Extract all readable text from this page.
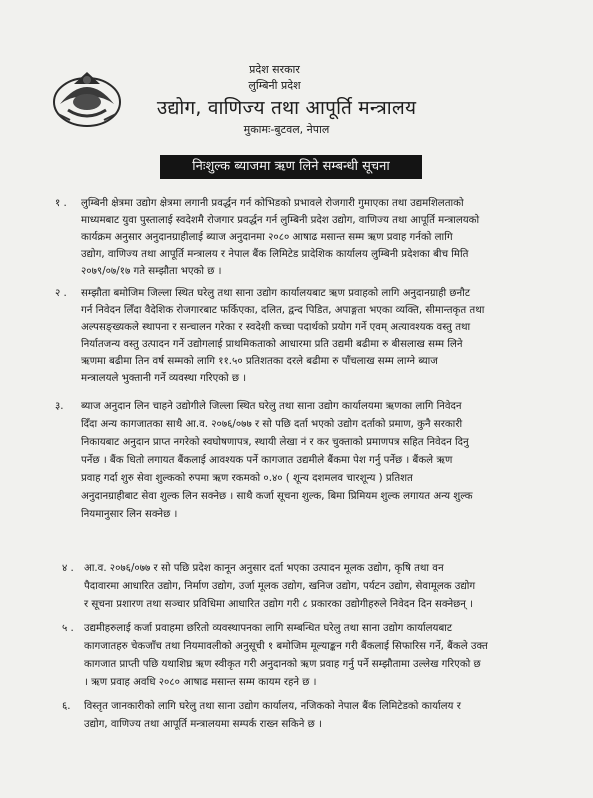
प्रदेश सरकार
लुम्बिनी प्रदेश
उद्योग, वाणिज्य तथा आपूर्ति मन्त्रालय
मुकामः-बुटवल, नेपाल
निःशुल्क ब्याजमा ऋण लिने सम्बन्धी सूचना
१ . लुम्बिनी क्षेत्रमा उद्योग क्षेत्रमा लगानी प्रवर्द्धन गर्न कोभिडको प्रभावले रोजगारी गुमाएका तथा उद्यमशिलताको
माध्यमबाट युवा पुस्तालाई स्वदेशमै रोजगार प्रवर्द्धन गर्न लुम्बिनी प्रदेश उद्योग, वाणिज्य तथा आपूर्ति मन्त्रालयको
कार्यक्रम अनुसार अनुदानग्राहीलाई ब्याज अनुदानमा २०८० आषाढ मसान्त सम्म ऋण प्रवाह गर्नको लागि
उद्योग, वाणिज्य तथा आपूर्ति मन्त्रालय र नेपाल बैंक लिमिटेड प्रादेशिक कार्यालय लुम्बिनी प्रदेशका बीच मिति
२०७९/०७/१७ गते सम्झौता भएको छ ।
२ . सम्झौता बमोजिम जिल्ला स्थित घरेलु तथा साना उद्योग कार्यालयबाट ऋण प्रवाहको लागि अनुदानग्राही छनौट
गर्न निवेदन लिँदा वैदेशिक रोजगारबाट फर्किएका, दलित, द्वन्द पिडित, अपाङ्गता भएका व्यक्ति, सीमान्तकृत तथा
अल्पसङ्ख्यकले स्थापना र सन्चालन गरेका र स्वदेशी कच्चा पदार्थको प्रयोग गर्ने एवम् अत्यावश्यक वस्तु तथा
निर्यातजन्य वस्तु उत्पादन गर्ने उद्योगलाई प्राथमिकताको आधारमा प्रति उद्यमी बढीमा रु बीसलाख सम्म लिने
ऋणमा बढीमा तिन वर्ष सम्मको लागि ११.५० प्रतिशतका दरले बढीमा रु पाँचलाख सम्म लाग्ने ब्याज
मन्त्रालयले भुक्तानी गर्ने व्यवस्था गरिएको छ ।
३. ब्याज अनुदान लिन चाहने उद्योगीले जिल्ला स्थित घरेलु तथा साना उद्योग कार्यालयमा ऋणका लागि निवेदन
दिँदा अन्य कागजातका साथै आ.व. २०७६/०७७ र सो पछि दर्ता भएको उद्योग दर्ताको प्रमाण, कुनै सरकारी
निकायबाट अनुदान प्राप्त नगरेको स्वघोषणापत्र, स्थायी लेखा नं र कर चुक्ताको प्रमाणपत्र सहित निवेदन दिनु
पर्नेछ । बैंक धितो लगायत बैंकलाई आवश्यक पर्ने कागजात उद्यमीले बैंकमा पेश गर्नु पर्नेछ । बैंकले ऋण
प्रवाह गर्दा शुरु सेवा शुल्कको रुपमा ऋण रकमको ०.४० ( शून्य दशमलव चारशून्य ) प्रतिशत
अनुदानग्राहीबाट सेवा शुल्क लिन सक्नेछ । साथै कर्जा सूचना शुल्क, बिमा प्रिमियम शुल्क लगायत अन्य शुल्क
नियमानुसार लिन सक्नेछ ।
४ . आ.व. २०७६/०७७ र सो पछि प्रदेश कानून अनुसार दर्ता भएका उत्पादन मूलक उद्योग, कृषि तथा वन
पैदावारमा आधारित उद्योग, निर्माण उद्योग, उर्जा मूलक उद्योग, खनिज उद्योग, पर्यटन उद्योग, सेवामूलक उद्योग
र सूचना प्रशारण तथा सञ्चार प्रविधिमा आधारित उद्योग गरी ८ प्रकारका उद्योगीहरुले निवेदन दिन सक्नेछन् ।
५ . उद्यमीहरुलाई कर्जा प्रवाहमा छरितो व्यवस्थापनका लागि सम्बन्धित घरेलु तथा साना उद्योग कार्यालयबाट
कागजातहरु चेकजाँच तथा नियमावलीको अनुसूची १ बमोजिम मूल्याङ्कन गरी बैंकलाई सिफारिस गर्ने, बैंकले उक्त
कागजात प्राप्ती पछि यथाशिघ्र ऋण स्वीकृत गरी अनुदानको ऋण प्रवाह गर्नु पर्ने सम्झौतामा उल्लेख गरिएको छ
। ऋण प्रवाह अवधि २०८० आषाढ मसान्त सम्म कायम रहने छ ।
६. विस्तृत जानकारीको लागि घरेलु तथा साना उद्योग कार्यालय, नजिकको नेपाल बैंक लिमिटेडको कार्यालय र
उद्योग, वाणिज्य तथा आपूर्ति मन्त्रालयमा सम्पर्क राख्न सकिने छ ।
